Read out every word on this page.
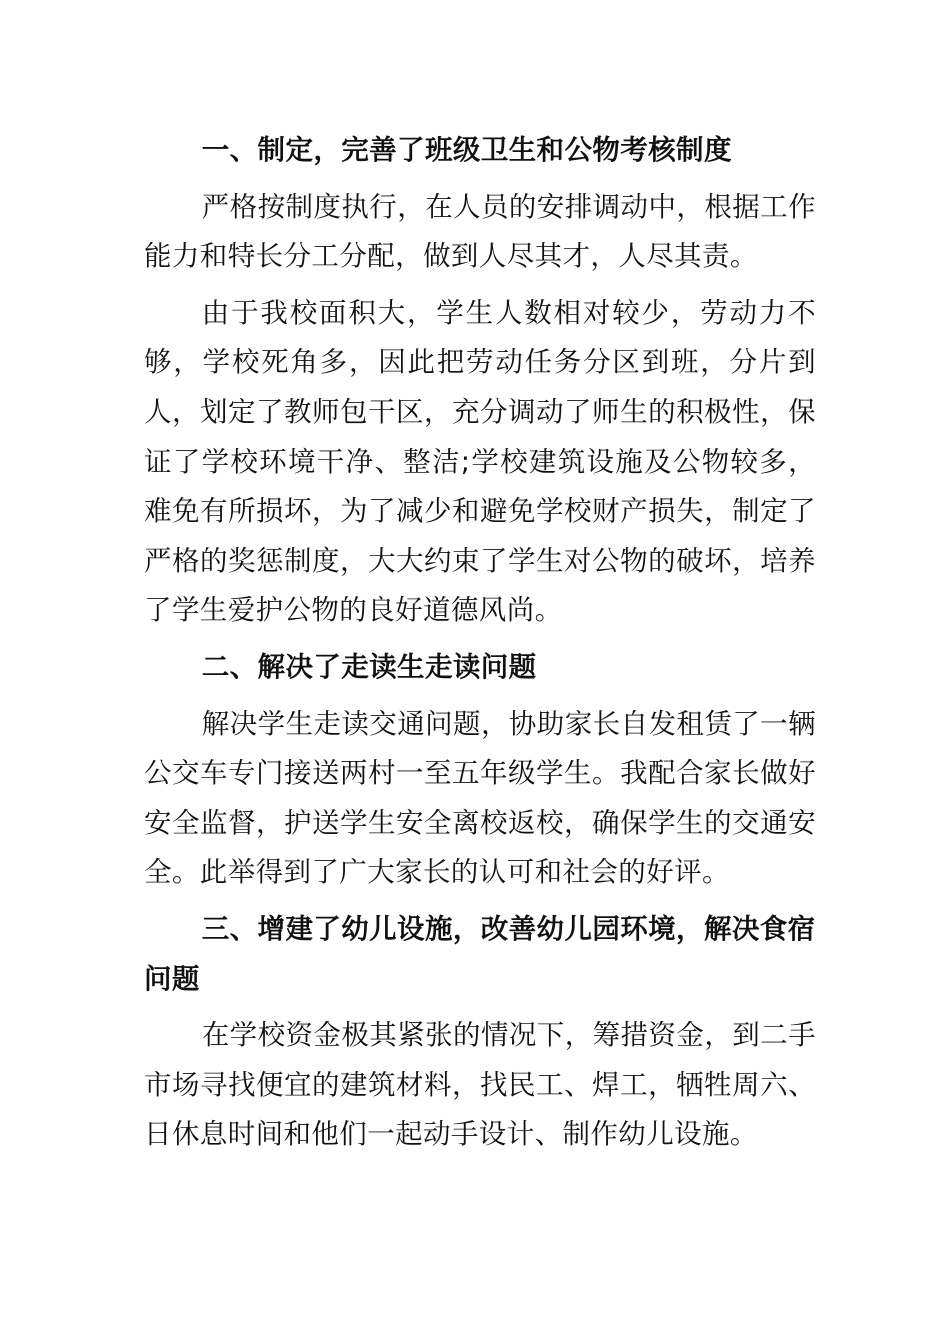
一、制定，完善了班级卫生和公物考核制度

严格按制度执行，在人员的安排调动中，根据工作能力和特长分工分配，做到人尽其才，人尽其责。

由于我校面积大，学生人数相对较少，劳动力不够，学校死角多，因此把劳动任务分区到班，分片到人，划定了教师包干区，充分调动了师生的积极性，保证了学校环境干净、整洁;学校建筑设施及公物较多，难免有所损坏，为了减少和避免学校财产损失，制定了严格的奖惩制度，大大约束了学生对公物的破坏，培养了学生爱护公物的良好道德风尚。

二、解决了走读生走读问题

解决学生走读交通问题，协助家长自发租赁了一辆公交车专门接送两村一至五年级学生。我配合家长做好安全监督，护送学生安全离校返校，确保学生的交通安全。此举得到了广大家长的认可和社会的好评。

三、增建了幼儿设施，改善幼儿园环境，解决食宿问题

在学校资金极其紧张的情况下，筹措资金，到二手市场寻找便宜的建筑材料，找民工、焊工，牺牲周六、日休息时间和他们一起动手设计、制作幼儿设施。
